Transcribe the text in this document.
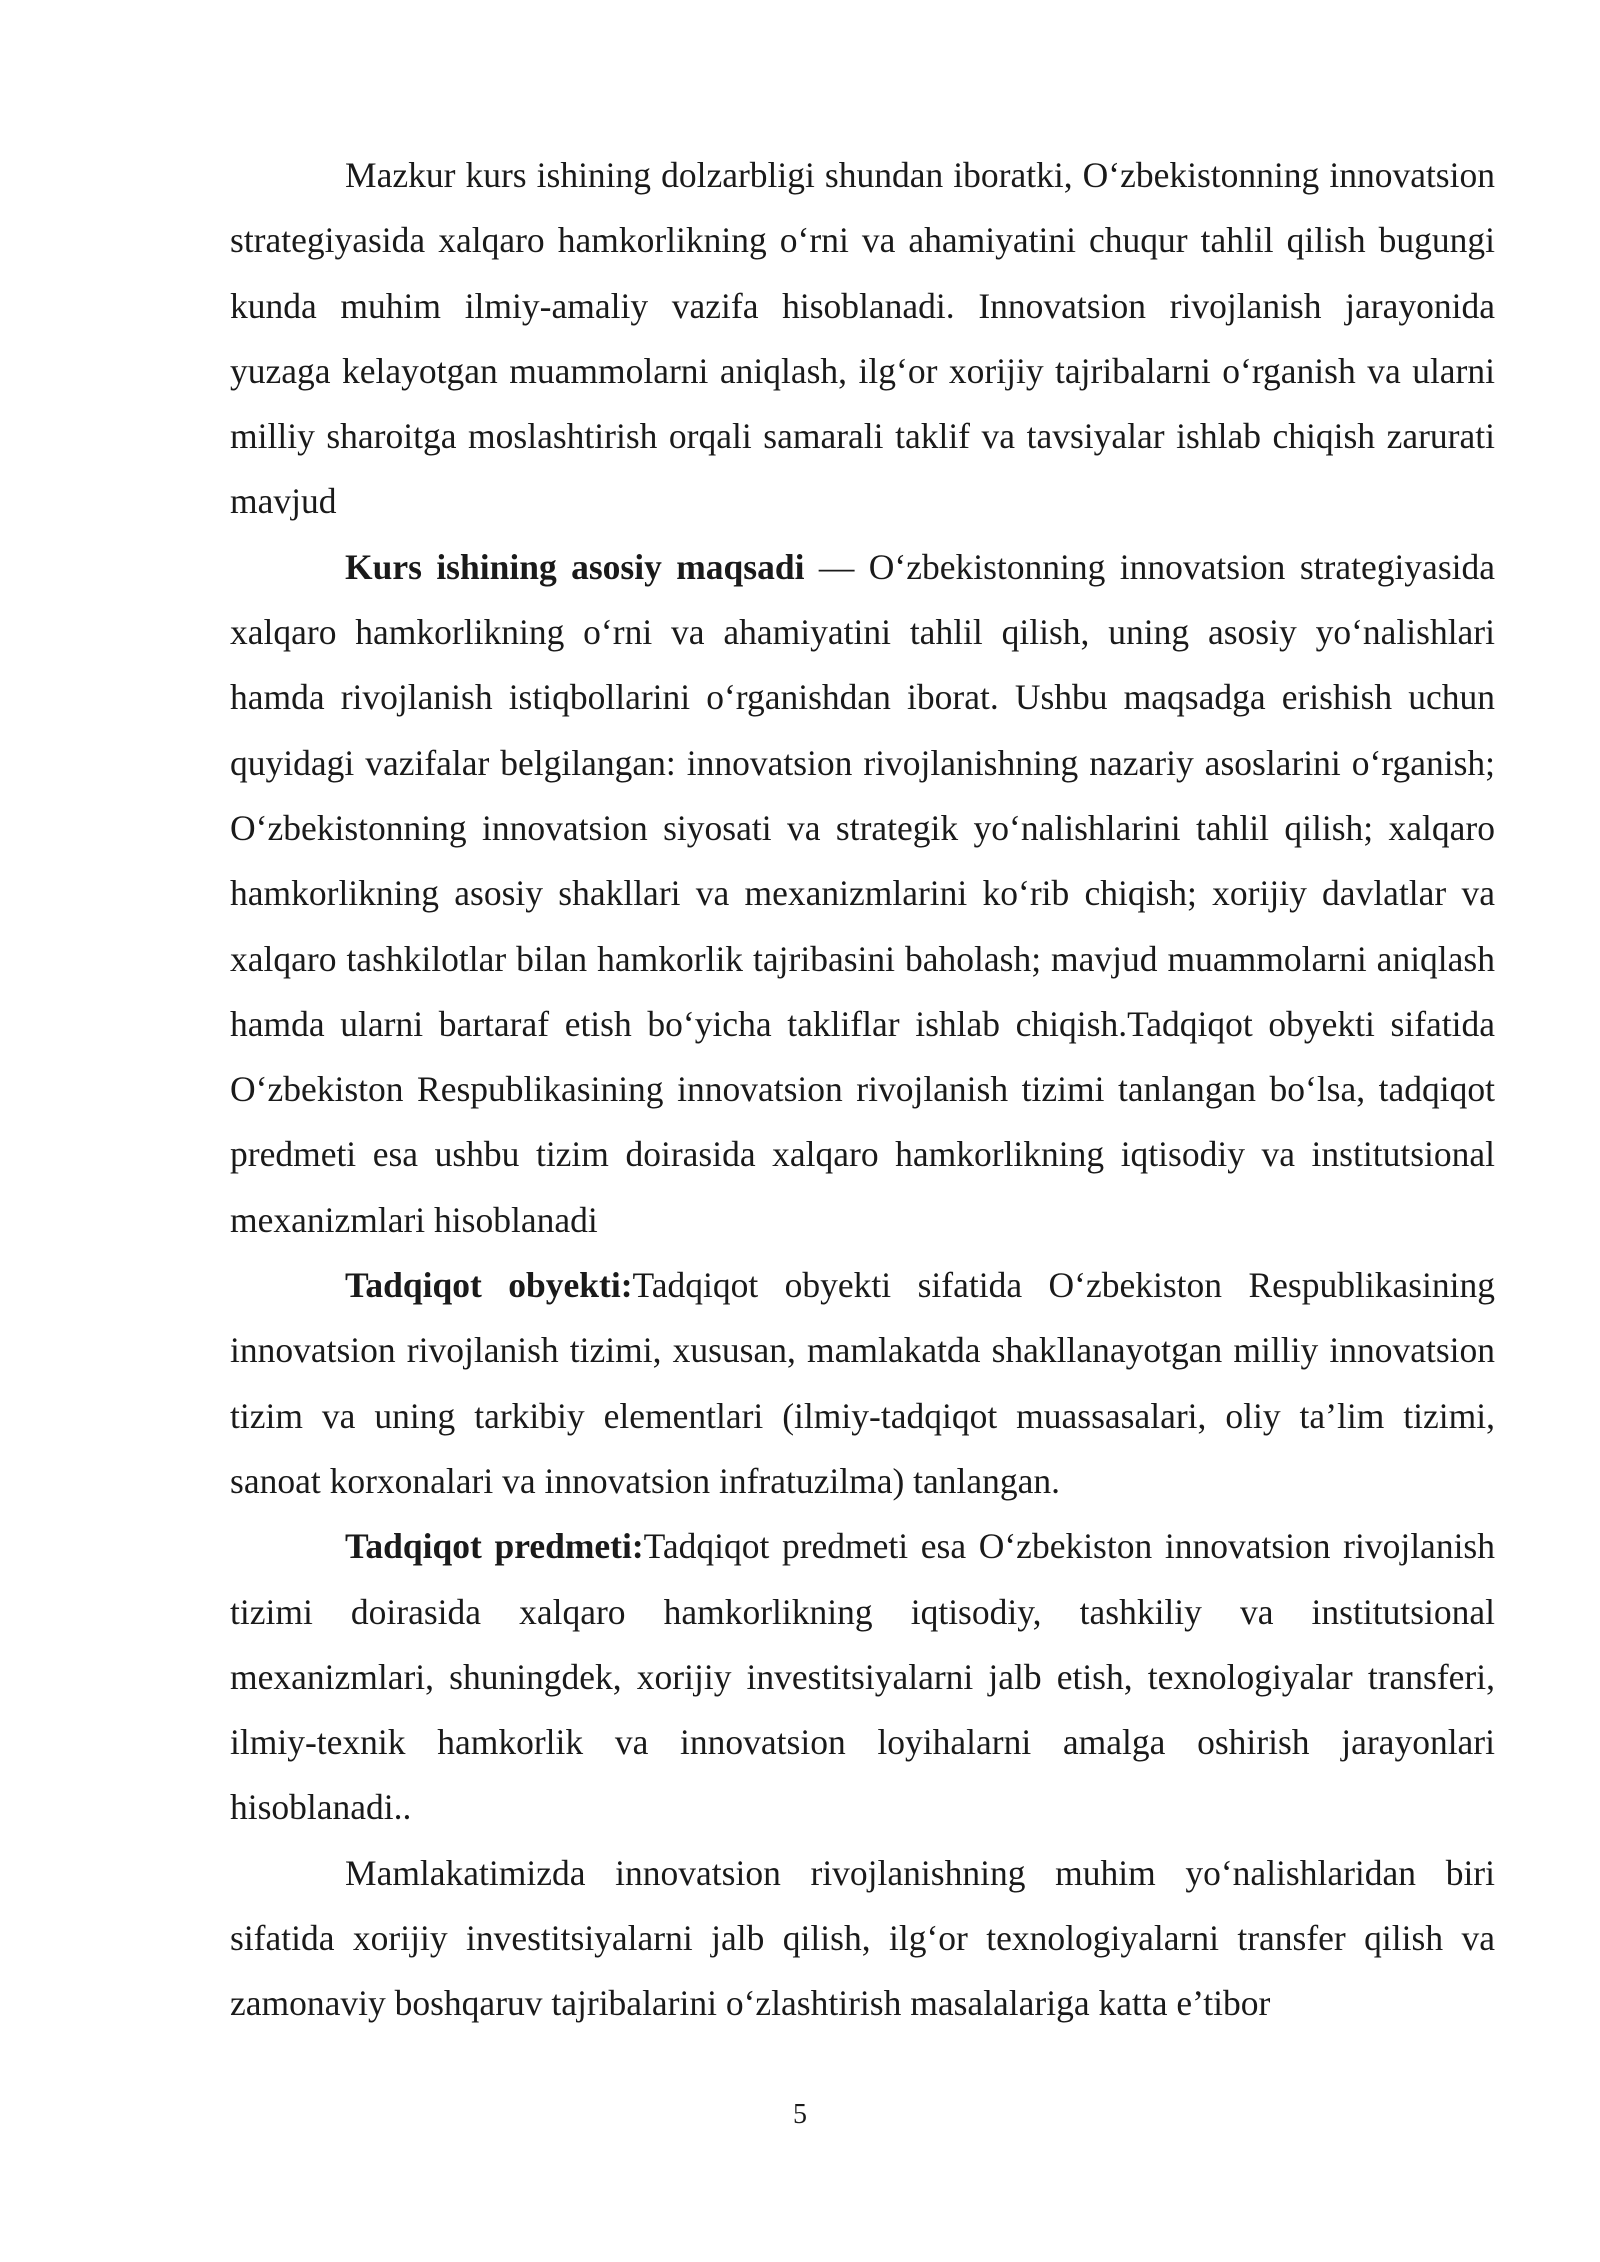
Mazkur kurs ishining dolzarbligi shundan iboratki, O‘zbekistonning innovatsion strategiyasida xalqaro hamkorlikning o‘rni va ahamiyatini chuqur tahlil qilish bugungi kunda muhim ilmiy-amaliy vazifa hisoblanadi. Innovatsion rivojlanish jarayonida yuzaga kelayotgan muammolarni aniqlash, ilg‘or xorijiy tajribalarni o‘rganish va ularni milliy sharoitga moslashtirish orqali samarali taklif va tavsiyalar ishlab chiqish zarurati mavjud

Kurs ishining asosiy maqsadi — O‘zbekistonning innovatsion strategiyasida xalqaro hamkorlikning o‘rni va ahamiyatini tahlil qilish, uning asosiy yo‘nalishlari hamda rivojlanish istiqbollarini o‘rganishdan iborat. Ushbu maqsadga erishish uchun quyidagi vazifalar belgilangan: innovatsion rivojlanishning nazariy asoslarini o‘rganish; O‘zbekistonning innovatsion siyosati va strategik yo‘nalishlarini tahlil qilish; xalqaro hamkorlikning asosiy shakllari va mexanizmlarini ko‘rib chiqish; xorijiy davlatlar va xalqaro tashkilotlar bilan hamkorlik tajribasini baholash; mavjud muammolarni aniqlash hamda ularni bartaraf etish bo‘yicha takliflar ishlab chiqish.Tadqiqot obyekti sifatida O‘zbekiston Respublikasining innovatsion rivojlanish tizimi tanlangan bo‘lsa, tadqiqot predmeti esa ushbu tizim doirasida xalqaro hamkorlikning iqtisodiy va institutsional mexanizmlari hisoblanadi

Tadqiqot obyekti:Tadqiqot obyekti sifatida O‘zbekiston Respublikasining innovatsion rivojlanish tizimi, xususan, mamlakatda shakllanayotgan milliy innovatsion tizim va uning tarkibiy elementlari (ilmiy-tadqiqot muassasalari, oliy ta’lim tizimi, sanoat korxonalari va innovatsion infratuzilma) tanlangan.

Tadqiqot predmeti:Tadqiqot predmeti esa O‘zbekiston innovatsion rivojlanish tizimi doirasida xalqaro hamkorlikning iqtisodiy, tashkiliy va institutsional mexanizmlari, shuningdek, xorijiy investitsiyalarni jalb etish, texnologiyalar transferi, ilmiy-texnik hamkorlik va innovatsion loyihalarni amalga oshirish jarayonlari hisoblanadi..

Mamlakatimizda innovatsion rivojlanishning muhim yo‘nalishlaridan biri sifatida xorijiy investitsiyalarni jalb qilish, ilg‘or texnologiyalarni transfer qilish va zamonaviy boshqaruv tajribalarini o‘zlashtirish masalalariga katta e’tibor

5
